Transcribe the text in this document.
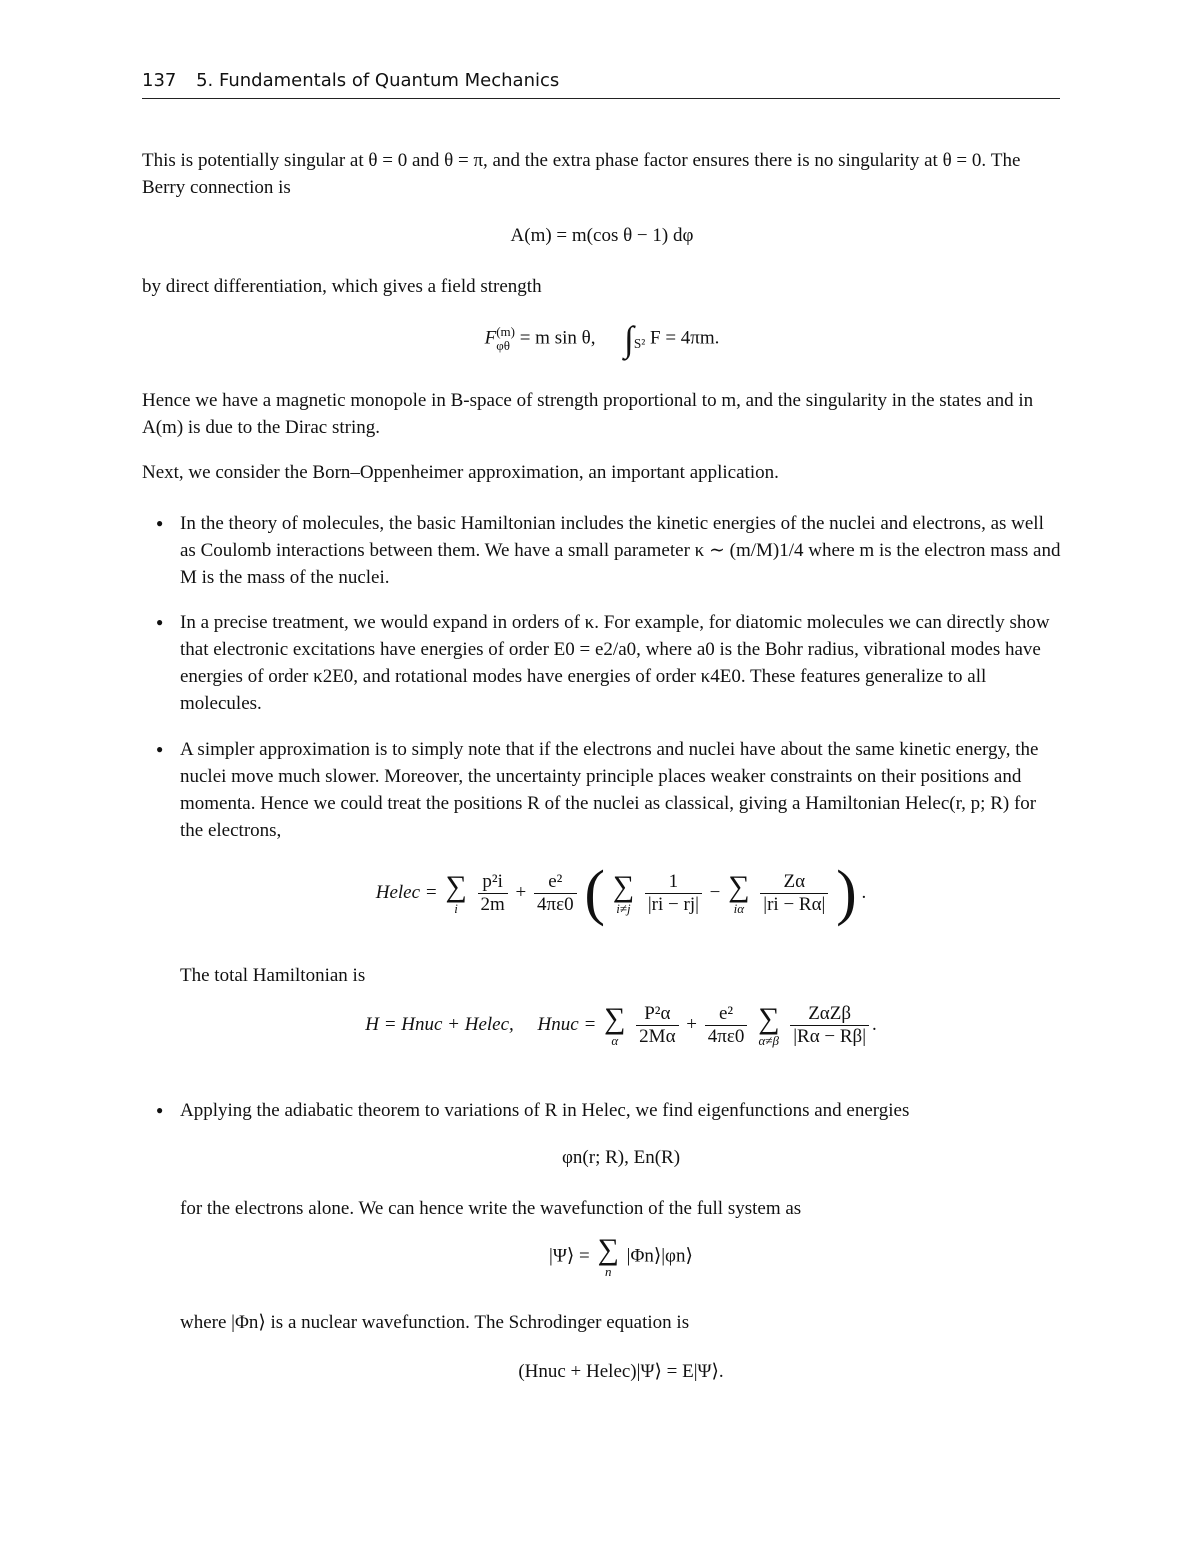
137 5. Fundamentals of Quantum Mechanics
This is potentially singular at θ = 0 and θ = π, and the extra phase factor ensures there is no singularity at θ = 0. The Berry connection is
A(m) = m(cos θ − 1) dφ
by direct differentiation, which gives a field strength
F (m)
φθ = m sin θ, $\int_{S^2}$ F = 4πm.
Hence we have a magnetic monopole in B-space of strength proportional to m, and the singularity in the states and in A(m) is due to the Dirac string.
Next, we consider the Born–Oppenheimer approximation, an important application.
● In the theory of molecules, the basic Hamiltonian includes the kinetic energies of the nuclei and electrons, as well as Coulomb interactions between them. We have a small parameter κ ∼ (m/M)1/4 where m is the electron mass and M is the mass of the nuclei.
● In a precise treatment, we would expand in orders of κ. For example, for diatomic molecules we can directly show that electronic excitations have energies of order E0 = e2/a0, where a0 is the Bohr radius, vibrational modes have energies of order κ2E0, and rotational modes have energies of order κ4E0. These features generalize to all molecules.
● A simpler approximation is to simply note that if the electrons and nuclei have about the same kinetic energy, the nuclei move much slower. Moreover, the uncertainty principle places weaker constraints on their positions and momenta. Hence we could treat the positions R of the nuclei as classical, giving a Hamiltonian Helec(r, p; R) for the electrons,
Helec = ∑
i
	$\frac{\text{p²i}}{2m} + \frac{\text{e²}}{4\pi\varepsilon 0}$ ( ∑
i≠j
$\frac{1}{|ri - rj|}$ − ∑
iα
$\frac{Z\alpha}{|ri - R\alpha|}$ ) .
The total Hamiltonian is
H = Hnuc + Helec, Hnuc = ∑
α
$\frac{\text{P²α}}{2M\alpha} + \frac{\text{e²}}{4\pi\varepsilon 0}$
∑
α≠β
$\frac{\text{ZαZβ}}{|R\alpha - R\beta|}$ .
● Applying the adiabatic theorem to variations of R in Helec, we find eigenfunctions and energies
φn(r; R), En(R)
for the electrons alone. We can hence write the wavefunction of the full system as
|Ψ⟩ = ∑
n
|Φn⟩|φn⟩
where |Φn⟩ is a nuclear wavefunction. The Schrodinger equation is
(Hnuc + Helec)|Ψ⟩ = E|Ψ⟩.
